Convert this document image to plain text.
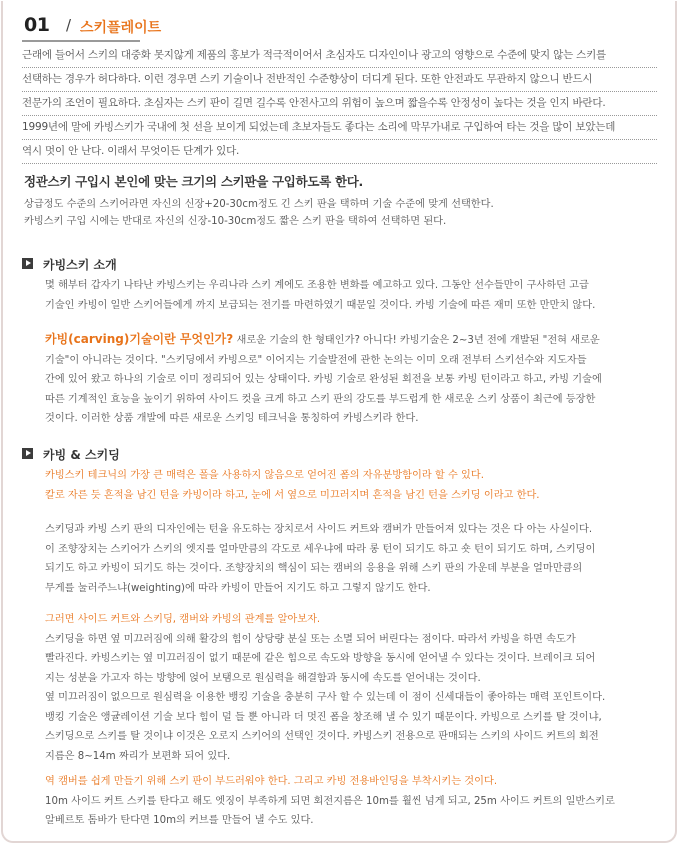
01 / 스키플레이트
근래에 들어서 스키의 대중화 못지않게 제품의 홍보가 적극적이어서 초심자도 디자인이나 광고의 영향으로 수준에 맞지 않는 스키를
선택하는 경우가 허다하다. 이런 경우면 스키 기술이나 전반적인 수준향상이 더디게 된다. 또한 안전과도 무관하지 않으니 반드시
전문가의 조언이 필요하다. 초심자는 스키 판이 길면 길수록 안전사고의 위험이 높으며 짧을수록 안정성이 높다는 것을 인지 바란다.
1999년에 말에 카빙스키가 국내에 첫 선을 보이게 되었는데 초보자들도 좋다는 소리에 막무가내로 구입하여 타는 것을 많이 보았는데
역시 멋이 안 난다. 이래서 무엇이든 단계가 있다.
정관스키 구입시 본인에 맞는 크기의 스키판을 구입하도록 한다.
상급정도 수준의 스키어라면 자신의 신장+20-30cm정도 긴 스키 판을 택하며 기술 수준에 맞게 선택한다.
카빙스키 구입 시에는 반대로 자신의 신장-10-30cm정도 짧은 스키 판을 택하여 선택하면 된다.
카빙스키 소개
몇 해부터 갑자기 나타난 카빙스키는 우리나라 스키 계에도 조용한 변화를 예고하고 있다. 그동안 선수들만이 구사하던 고급
기술인 카빙이 일반 스키어들에게 까지 보급되는 전기를 마련하였기 때문일 것이다. 카빙 기술에 따른 재미 또한 만만치 않다.
카빙(carving)기술이란 무엇인가? 새로운 기술의 한 형태인가? 아니다! 카빙기술은 2~3년 전에 개발된 "전혀 새로운
기술"이 아니라는 것이다. "스키딩에서 카빙으로" 이어지는 기술발전에 관한 논의는 이미 오래 전부터 스키선수와 지도자들
간에 있어 왔고 하나의 기술로 이미 정리되어 있는 상태이다. 카빙 기술로 완성된 회전을 보통 카빙 턴이라고 하고, 카빙 기술에
따른 기계적인 효능을 높이기 위하여 사이드 컷을 크게 하고 스키 판의 강도를 부드럽게 한 새로운 스키 상품이 최근에 등장한
것이다. 이러한 상품 개발에 따른 새로운 스키잉 테크닉을 통칭하여 카빙스키라 한다.
카빙 & 스키딩
카빙스키 테크닉의 가장 큰 매력은 폴을 사용하지 않음으로 얻어진 폼의 자유분방함이라 할 수 있다.
칼로 자른 듯 흔적을 남긴 턴을 카빙이라 하고, 눈에 서 옆으로 미끄러지며 흔적을 남긴 턴을 스키딩 이라고 한다.
스키딩과 카빙 스키 판의 디자인에는 턴을 유도하는 장치로서 사이드 커트와 캠버가 만들어져 있다는 것은 다 아는 사실이다.
이 조향장치는 스키어가 스키의 엣지를 얼마만큼의 각도로 세우냐에 따라 롱 턴이 되기도 하고 숏 턴이 되기도 하며, 스키딩이
되기도 하고 카빙이 되기도 하는 것이다. 조향장치의 핵심이 되는 캠버의 응용을 위해 스키 판의 가운데 부분을 얼마만큼의
무게를 눌러주느냐(weighting)에 따라 카빙이 만들어 지기도 하고 그렇지 않기도 한다.
그러면 사이드 커트와 스키딩, 캠버와 카빙의 관계를 알아보자.
스키딩을 하면 옆 미끄러짐에 의해 활강의 힘이 상당량 분실 또는 소멸 되어 버린다는 점이다. 따라서 카빙을 하면 속도가
빨라진다. 카빙스키는 옆 미끄러짐이 없기 때문에 같은 힘으로 속도와 방향을 동시에 얻어낼 수 있다는 것이다. 브레이크 되어
지는 성분을 가고자 하는 방향에 얹어 보탬으로 원심력을 해결함과 동시에 속도를 얻어내는 것이다.
옆 미끄러짐이 없으므로 원심력을 이용한 뱅킹 기술을 충분히 구사 할 수 있는데 이 점이 신세대들이 좋아하는 매력 포인트이다.
뱅킹 기술은 앵귤레이션 기술 보다 힘이 덜 들 뿐 아니라 더 멋진 폼을 창조해 낼 수 있기 때문이다. 카빙으로 스키를 탈 것이냐,
스키딩으로 스키를 탈 것이냐 이것은 오로지 스키어의 선택인 것이다. 카빙스키 전용으로 판매되는 스키의 사이드 커트의 회전
지름은 8~14m 짜리가 보편화 되어 있다.
역 캠버를 쉽게 만들기 위해 스키 판이 부드러워야 한다. 그리고 카빙 전용바인딩을 부착시키는 것이다.
10m 사이드 커트 스키를 탄다고 해도 엣징이 부족하게 되면 회전지름은 10m를 훨씬 넘게 되고, 25m 사이드 커트의 일반스키로
알베르토 톰바가 탄다면 10m의 커브를 만들어 낼 수도 있다.
